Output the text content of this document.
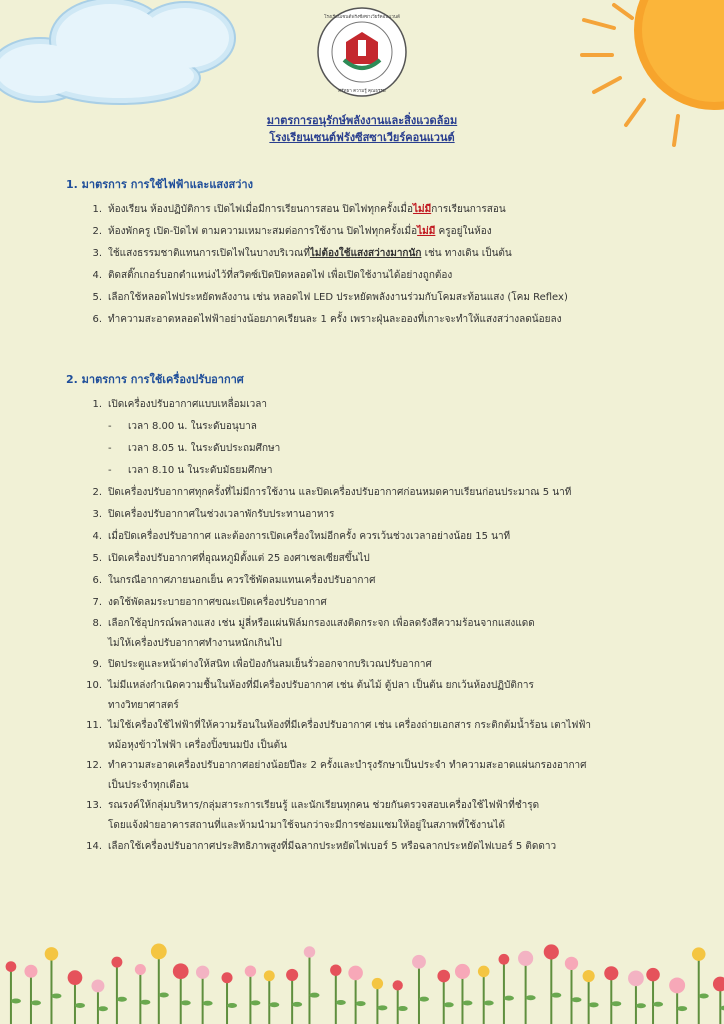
โรงเรียนเซนต์ฟรังซีสซาเวียร์คอนแวนต์
ศรัทธา ความรู้ คุณธรรม
มาตรการอนุรักษ์พลังงานและสิ่งแวดล้อม
โรงเรียนเซนต์ฟรังซีสซาเวียร์คอนแวนต์
1. มาตรการ การใช้ไฟฟ้าและแสงสว่าง
1. ห้องเรียน ห้องปฏิบัติการ เปิดไฟเมื่อมีการเรียนการสอน ปิดไฟทุกครั้งเมื่อไม่มีการเรียนการสอน
2. ห้องพักครู เปิด-ปิดไฟ ตามความเหมาะสมต่อการใช้งาน ปิดไฟทุกครั้งเมื่อไม่มี ครูอยู่ในห้อง
3. ใช้แสงธรรมชาติแทนการเปิดไฟในบางบริเวณที่ไม่ต้องใช้แสงสว่างมากนัก เช่น ทางเดิน เป็นต้น
4. ติดสติ๊กเกอร์บอกตำแหน่งไว้ที่สวิตซ์เปิดปิดหลอดไฟ เพื่อเปิดใช้งานได้อย่างถูกต้อง
5. เลือกใช้หลอดไฟประหยัดพลังงาน เช่น หลอดไฟ LED ประหยัดพลังงานร่วมกับโคมสะท้อนแสง (โคม Reflex)
6. ทำความสะอาดหลอดไฟฟ้าอย่างน้อยภาคเรียนละ 1 ครั้ง เพราะฝุ่นละอองที่เกาะจะทำให้แสงสว่างลดน้อยลง
2. มาตรการ การใช้เครื่องปรับอากาศ
1. เปิดเครื่องปรับอากาศแบบเหลื่อมเวลา
- เวลา 8.00 น. ในระดับอนุบาล
- เวลา 8.05 น. ในระดับประถมศึกษา
- เวลา 8.10 น ในระดับมัธยมศึกษา
2. ปิดเครื่องปรับอากาศทุกครั้งที่ไม่มีการใช้งาน และปิดเครื่องปรับอากาศก่อนหมดคาบเรียนก่อนประมาณ 5 นาที
3. ปิดเครื่องปรับอากาศในช่วงเวลาพักรับประทานอาหาร
4. เมื่อปิดเครื่องปรับอากาศ และต้องการเปิดเครื่องใหม่อีกครั้ง ควรเว้นช่วงเวลาอย่างน้อย 15 นาที
5. เปิดเครื่องปรับอากาศที่อุณหภูมิตั้งแต่ 25 องศาเซลเซียสขึ้นไป
6. ในกรณีอากาศภายนอกเย็น ควรใช้พัดลมแทนเครื่องปรับอากาศ
7. งดใช้พัดลมระบายอากาศขณะเปิดเครื่องปรับอากาศ
8. เลือกใช้อุปกรณ์พลางแสง เช่น มู่ลี่หรือแผ่นฟิล์มกรองแสงติดกระจก เพื่อลดรังสีความร้อนจากแสงแดด
ไม่ให้เครื่องปรับอากาศทำงานหนักเกินไป
9. ปิดประตูและหน้าต่างให้สนิท เพื่อป้องกันลมเย็นรั่วออกจากบริเวณปรับอากาศ
10. ไม่มีแหล่งกำเนิดความชื้นในห้องที่มีเครื่องปรับอากาศ เช่น ต้นไม้ ตู้ปลา เป็นต้น ยกเว้นห้องปฏิบัติการ
ทางวิทยาศาสตร์
11. ไม่ใช้เครื่องใช้ไฟฟ้าที่ให้ความร้อนในห้องที่มีเครื่องปรับอากาศ เช่น เครื่องถ่ายเอกสาร กระติกต้มน้ำร้อน เตาไฟฟ้า
หม้อหุงข้าวไฟฟ้า เครื่องปิ้งขนมปัง เป็นต้น
12. ทำความสะอาดเครื่องปรับอากาศอย่างน้อยปีละ 2 ครั้งและบำรุงรักษาเป็นประจำ ทำความสะอาดแผ่นกรองอากาศ
เป็นประจำทุกเดือน
13. รณรงค์ให้กลุ่มบริหาร/กลุ่มสาระการเรียนรู้ และนักเรียนทุกคน ช่วยกันตรวจสอบเครื่องใช้ไฟฟ้าที่ชำรุด
โดยแจ้งฝ่ายอาคารสถานที่และห้ามนำมาใช้จนกว่าจะมีการซ่อมแซมให้อยู่ในสภาพที่ใช้งานได้
14. เลือกใช้เครื่องปรับอากาศประสิทธิภาพสูงที่มีฉลากประหยัดไฟเบอร์ 5 หรือฉลากประหยัดไฟเบอร์ 5 ติดดาว
